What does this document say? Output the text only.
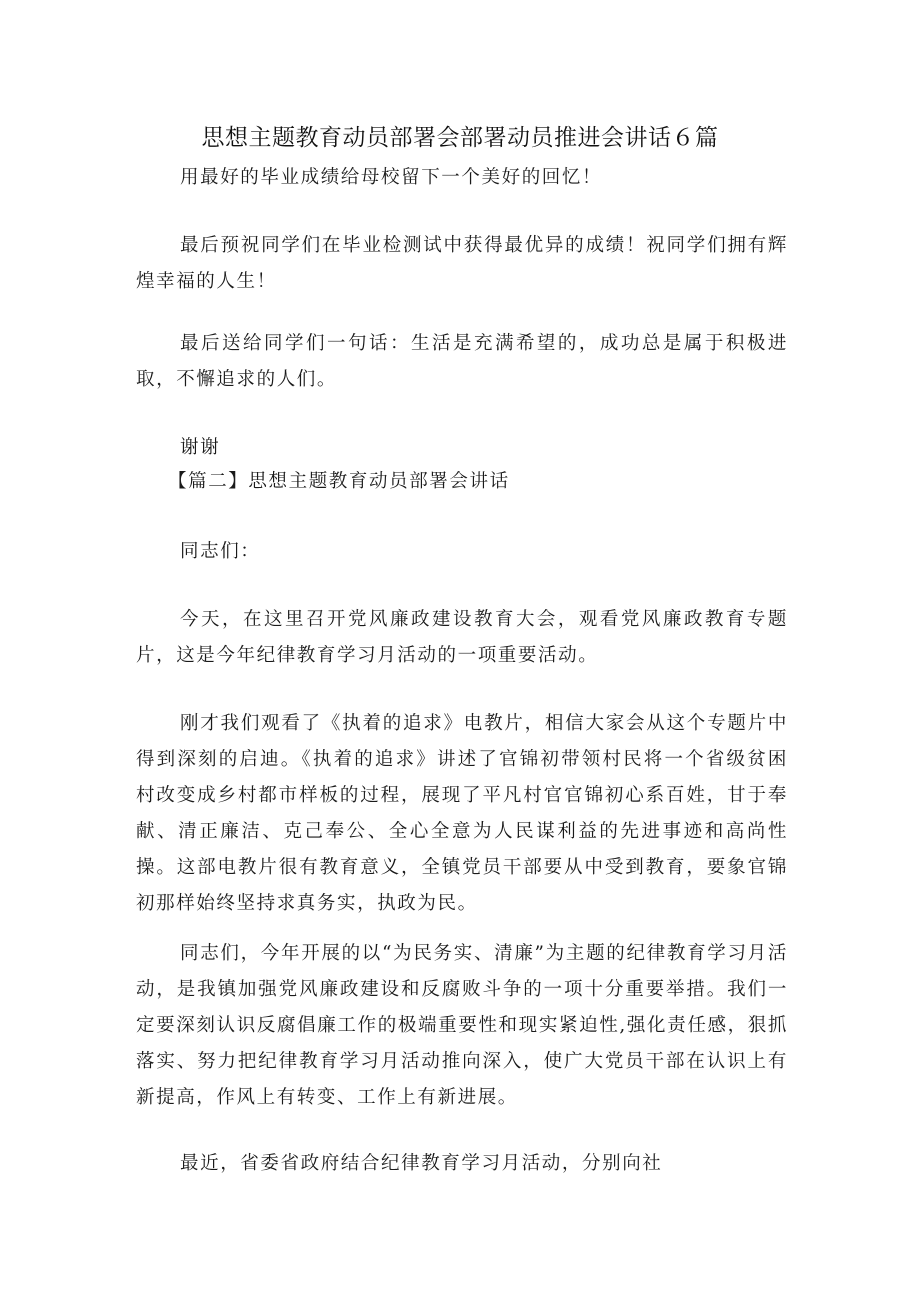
思想主题教育动员部署会部署动员推进会讲话６篇

用最好的毕业成绩给母校留下一个美好的回忆！

最后预祝同学们在毕业检测试中获得最优异的成绩！祝同学们拥有辉煌幸福的人生！

最后送给同学们一句话：生活是充满希望的，成功总是属于积极进取，不懈追求的人们。

谢谢

【篇二】思想主题教育动员部署会讲话

同志们：

今天，在这里召开党风廉政建设教育大会，观看党风廉政教育专题片，这是今年纪律教育学习月活动的一项重要活动。

刚才我们观看了《执着的追求》电教片，相信大家会从这个专题片中得到深刻的启迪。《执着的追求》讲述了官锦初带领村民将一个省级贫困村改变成乡村都市样板的过程，展现了平凡村官官锦初心系百姓，甘于奉献、清正廉洁、克己奉公、全心全意为人民谋利益的先进事迹和高尚性操。这部电教片很有教育意义，全镇党员干部要从中受到教育，要象官锦初那样始终坚持求真务实，执政为民。

同志们，今年开展的以“为民务实、清廉”为主题的纪律教育学习月活动，是我镇加强党风廉政建设和反腐败斗争的一项十分重要举措。我们一定要深刻认识反腐倡廉工作的极端重要性和现实紧迫性,强化责任感，狠抓落实、努力把纪律教育学习月活动推向深入，使广大党员干部在认识上有新提高，作风上有转变、工作上有新进展。

最近，省委省政府结合纪律教育学习月活动，分别向社
